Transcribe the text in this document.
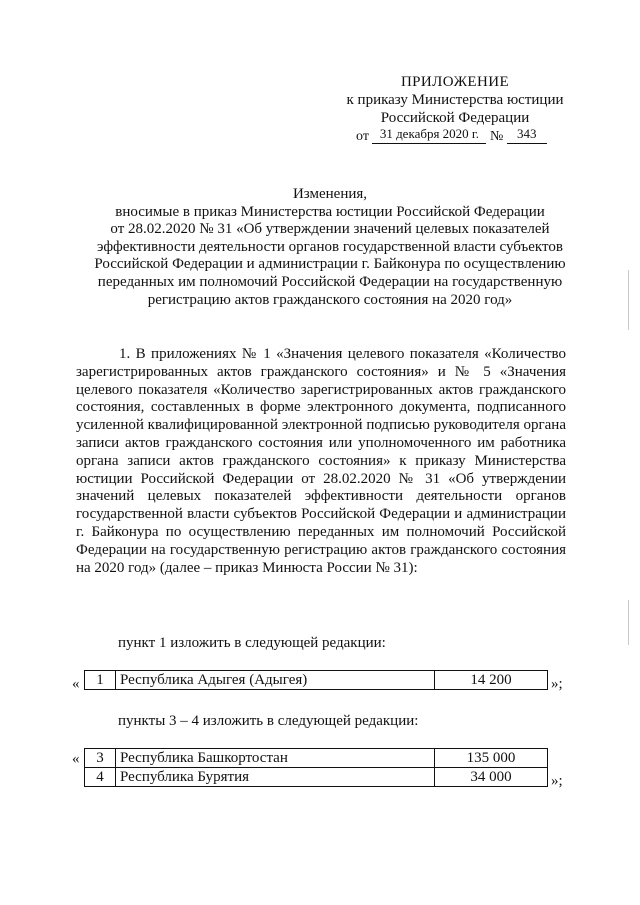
ПРИЛОЖЕНИЕ
к приказу Министерства юстиции
Российской Федерации
от 31 декабря 2020 г. № 343
Изменения,
вносимые в приказ Министерства юстиции Российской Федерации
от 28.02.2020 № 31 «Об утверждении значений целевых показателей
эффективности деятельности органов государственной власти субъектов
Российской Федерации и администрации г. Байконура по осуществлению
переданных им полномочий Российской Федерации на государственную
регистрацию актов гражданского состояния на 2020 год»
1. В приложениях № 1 «Значения целевого показателя «Количество зарегистрированных актов гражданского состояния» и № 5 «Значения целевого показателя «Количество зарегистрированных актов гражданского состояния, составленных в форме электронного документа, подписанного усиленной квалифицированной электронной подписью руководителя органа записи актов гражданского состояния или уполномоченного им работника органа записи актов гражданского состояния» к приказу Министерства юстиции Российской Федерации от 28.02.2020 № 31 «Об утверждении значений целевых показателей эффективности деятельности органов государственной власти субъектов Российской Федерации и администрации г. Байконура по осуществлению переданных им полномочий Российской Федерации на государственную регистрацию актов гражданского состояния на 2020 год» (далее – приказ Минюста России № 31):
пункт 1 изложить в следующей редакции:
« 1	Республика Адыгея (Адыгея)	14 200	»;
пункты 3 – 4 изложить в следующей редакции:
« 3	Республика Башкортостан	135 000
4	Республика Бурятия	34 000	»;
